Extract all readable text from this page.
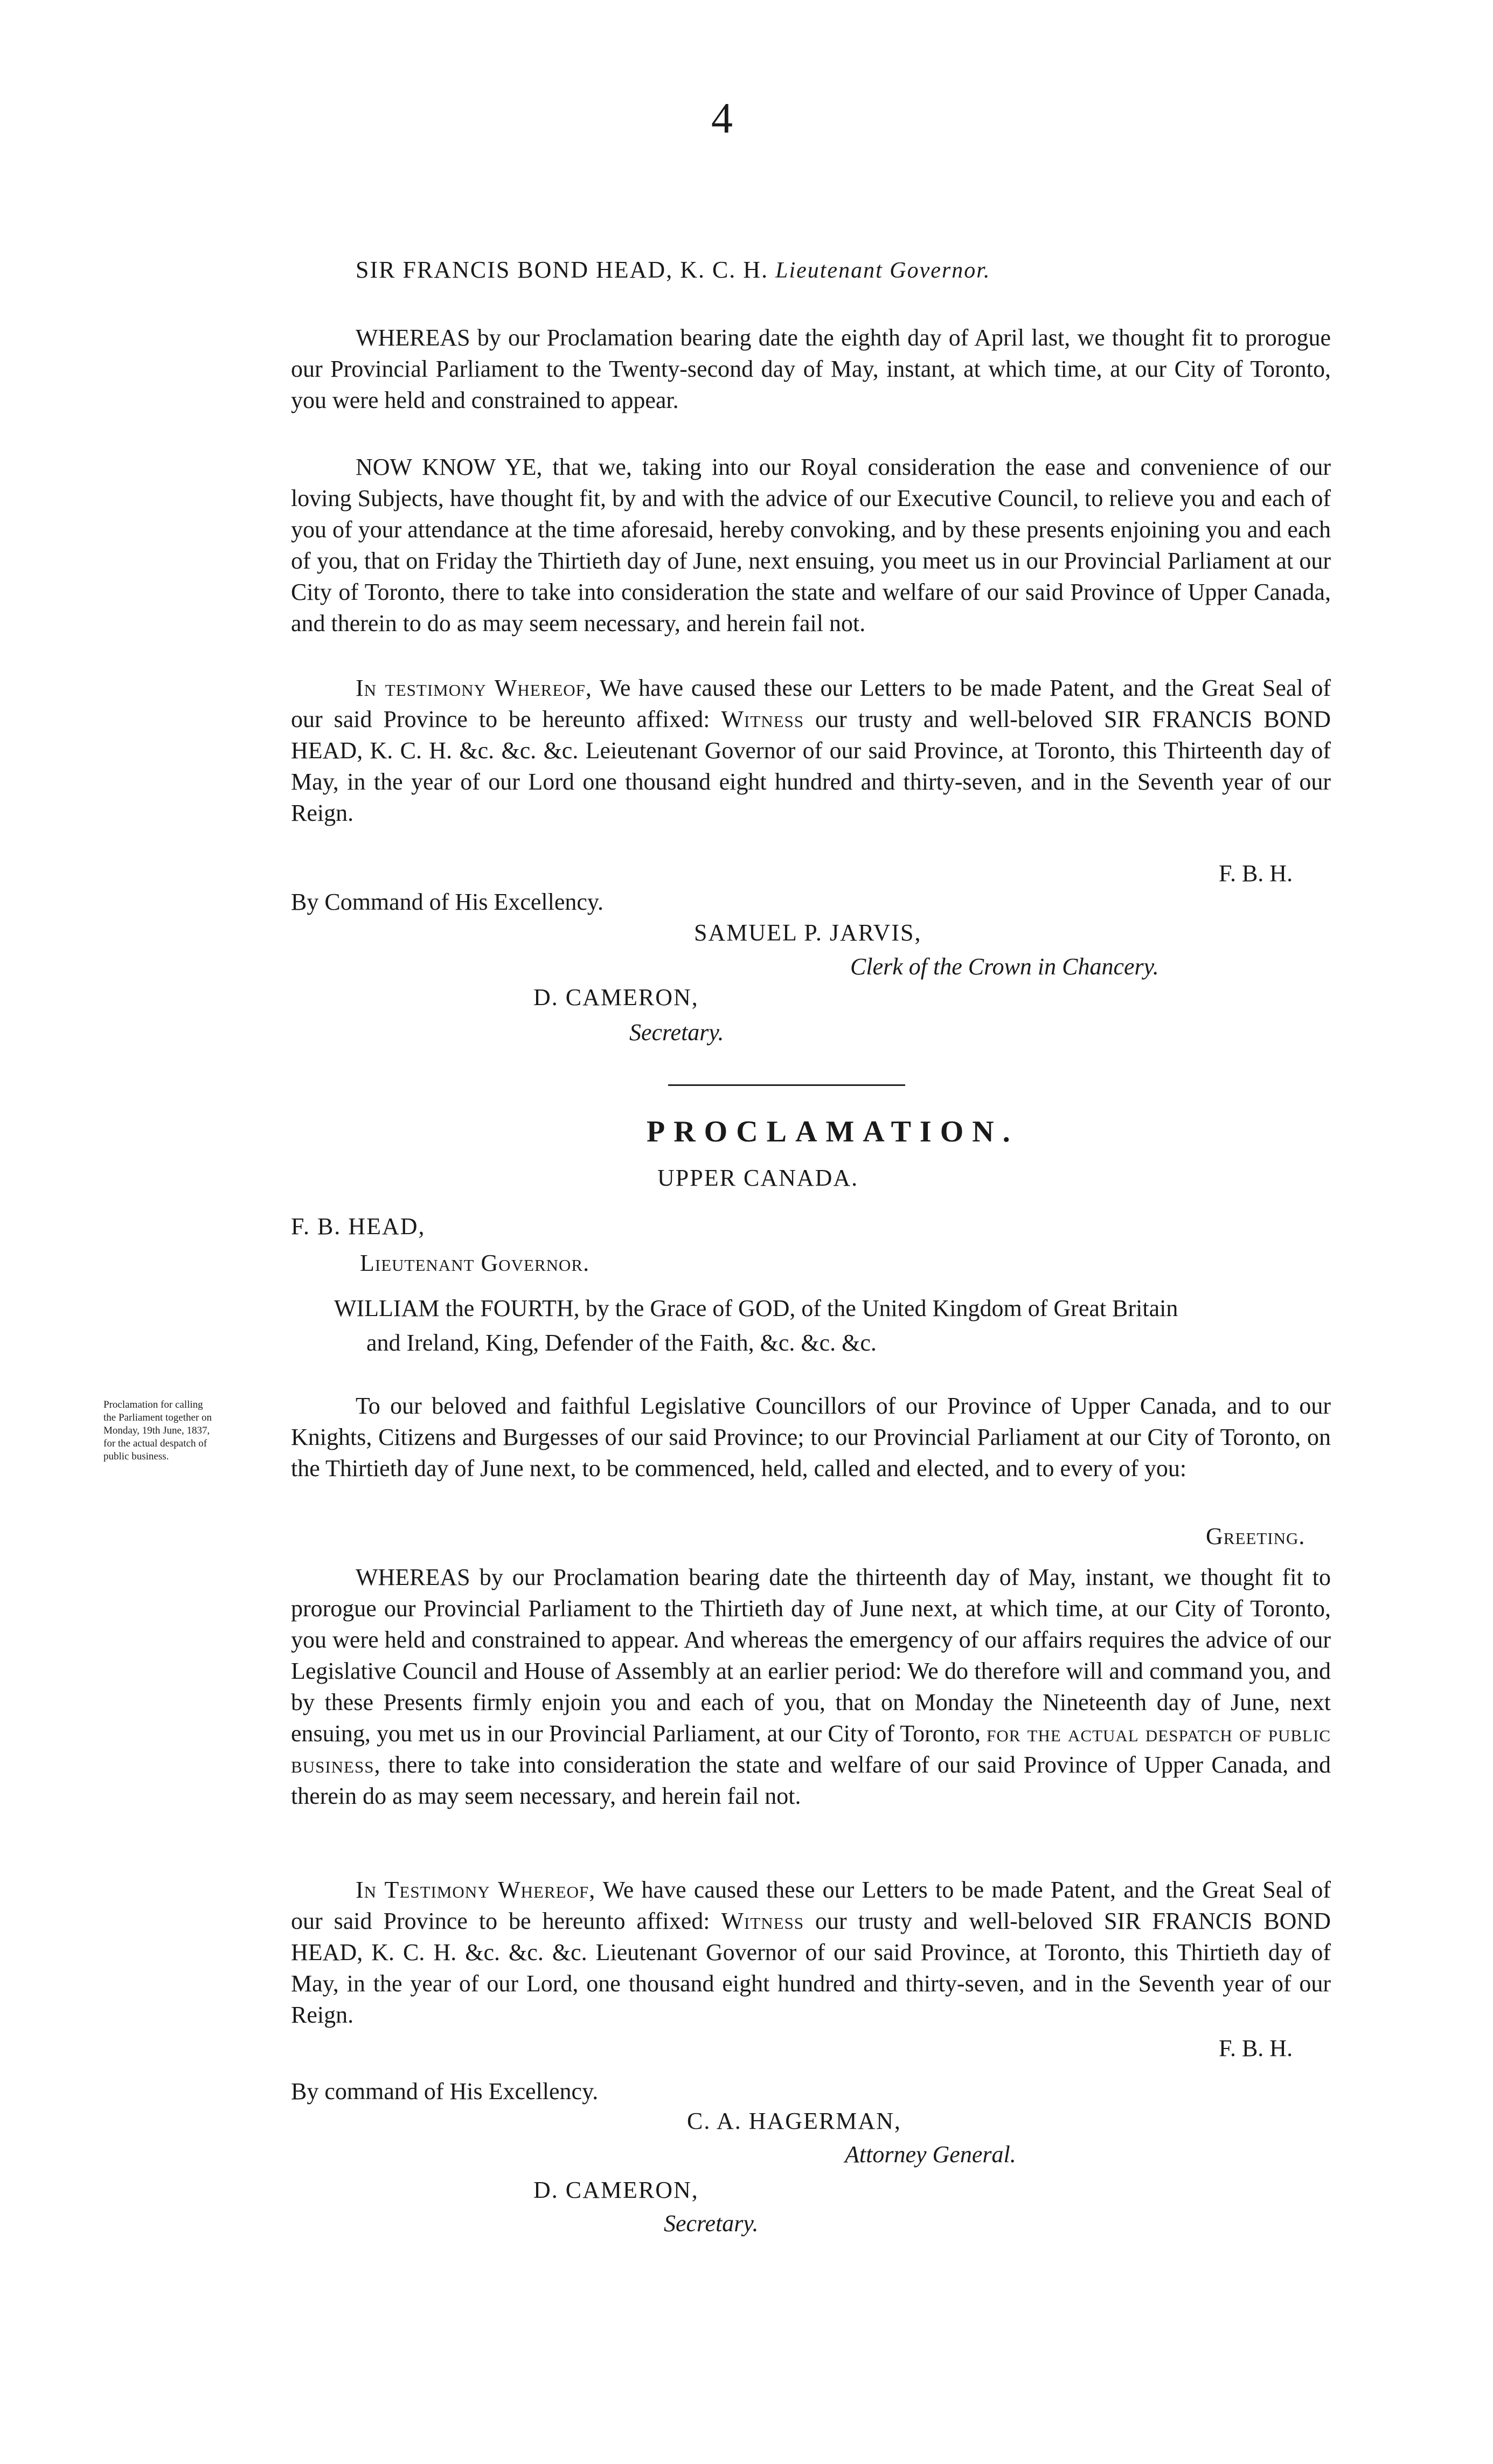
4
SIR FRANCIS BOND HEAD, K. C. H. Lieutenant Governor.

WHEREAS by our Proclamation bearing date the eighth day of April last, we thought fit to prorogue our Provincial Parliament to the Twenty-second day of May, instant, at which time, at our City of Toronto, you were held and constrained to appear.

NOW KNOW YE, that we, taking into our Royal consideration the ease and convenience of our loving Subjects, have thought fit, by and with the advice of our Executive Council, to relieve you and each of you of your attendance at the time aforesaid, hereby convoking, and by these presents enjoining you and each of you, that on Friday the Thirtieth day of June, next ensuing, you meet us in our Provincial Parliament at our City of Toronto, there to take into consideration the state and welfare of our said Province of Upper Canada, and therein to do as may seem necessary, and herein fail not.

In testimony Whereof, We have caused these our Letters to be made Patent, and the Great Seal of our said Province to be hereunto affixed: Witness our trusty and well-beloved SIR FRANCIS BOND HEAD, K. C. H. &c. &c. &c. Leieutenant Governor of our said Province, at Toronto, this Thirteenth day of May, in the year of our Lord one thousand eight hundred and thirty-seven, and in the Seventh year of our Reign.

F. B. H.
By Command of His Excellency.
SAMUEL P. JARVIS,
Clerk of the Crown in Chancery.
D. CAMERON,
Secretary.
PROCLAMATION.
UPPER CANADA.
F. B. HEAD,
Lieutenant Governor.
WILLIAM the FOURTH, by the Grace of GOD, of the United Kingdom of Great Britain
and Ireland, King, Defender of the Faith, &c. &c. &c.

Proclamation for calling

the Parliament together on

Monday, 19th June, 1837,

for the actual despatch of

public business.

To our beloved and faithful Legislative Councillors of our Province of Upper Canada, and to our Knights, Citizens and Burgesses of our said Province; to our Provincial Parliament at our City of Toronto, on the Thirtieth day of June next, to be commenced, held, called and elected, and to every of you:

Greeting.

WHEREAS by our Proclamation bearing date the thirteenth day of May, instant, we thought fit to prorogue our Provincial Parliament to the Thirtieth day of June next, at which time, at our City of Toronto, you were held and constrained to appear. And whereas the emergency of our affairs requires the advice of our Legislative Council and House of Assembly at an earlier period: We do therefore will and command you, and by these Presents firmly enjoin you and each of you, that on Monday the Nineteenth day of June, next ensuing, you met us in our Provincial Parliament, at our City of Toronto, for the actual despatch of public business, there to take into consideration the state and welfare of our said Province of Upper Canada, and therein do as may seem necessary, and herein fail not.

In Testimony Whereof, We have caused these our Letters to be made Patent, and the Great Seal of our said Province to be hereunto affixed: Witness our trusty and well-beloved SIR FRANCIS BOND HEAD, K. C. H. &c. &c. &c. Lieutenant Governor of our said Province, at Toronto, this Thirtieth day of May, in the year of our Lord, one thousand eight hundred and thirty-seven, and in the Seventh year of our Reign.

F. B. H.
By command of His Excellency.
C. A. HAGERMAN,
Attorney General.
D. CAMERON,
Secretary.
